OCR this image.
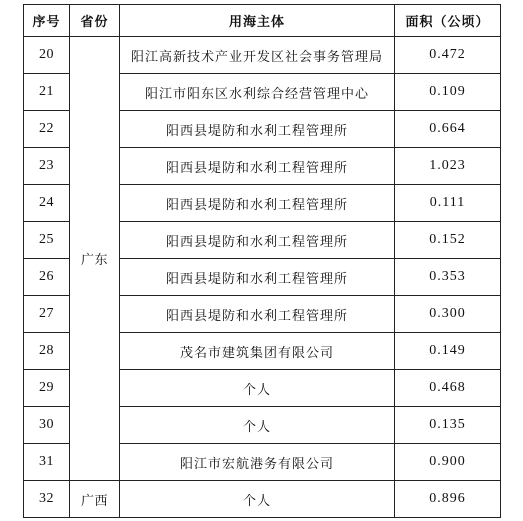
序号	省份	用海主体	面积（公顷）
20	广东	阳江高新技术产业开发区社会事务管理局	0.472
21		阳江市阳东区水利综合经营管理中心	0.109
22		阳西县堤防和水利工程管理所	0.664
23		阳西县堤防和水利工程管理所	1.023
24		阳西县堤防和水利工程管理所	0.111
25		阳西县堤防和水利工程管理所	0.152
26		阳西县堤防和水利工程管理所	0.353
27		阳西县堤防和水利工程管理所	0.300
28		茂名市建筑集团有限公司	0.149
29		个人	0.468
30		个人	0.135
31		阳江市宏航港务有限公司	0.900
32	广西	个人	0.896
